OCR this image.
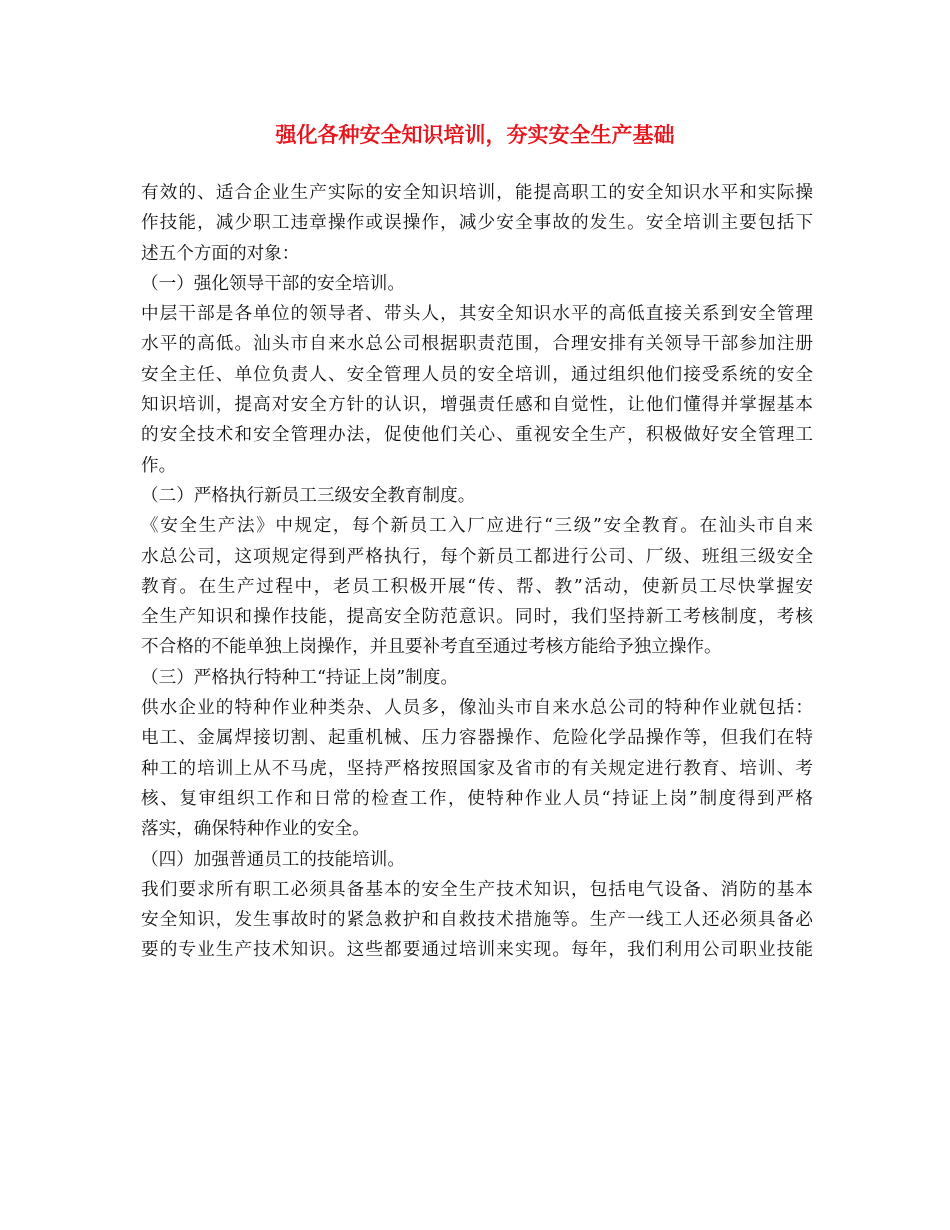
强化各种安全知识培训，夯实安全生产基础
有效的、适合企业生产实际的安全知识培训，能提高职工的安全知识水平和实际操
作技能，减少职工违章操作或误操作，减少安全事故的发生。安全培训主要包括下
述五个方面的对象：
（一）强化领导干部的安全培训。
中层干部是各单位的领导者、带头人，其安全知识水平的高低直接关系到安全管理
水平的高低。汕头市自来水总公司根据职责范围，合理安排有关领导干部参加注册
安全主任、单位负责人、安全管理人员的安全培训，通过组织他们接受系统的安全
知识培训，提高对安全方针的认识，增强责任感和自觉性，让他们懂得并掌握基本
的安全技术和安全管理办法，促使他们关心、重视安全生产，积极做好安全管理工
作。
（二）严格执行新员工三级安全教育制度。
《安全生产法》中规定，每个新员工入厂应进行“三级”安全教育。在汕头市自来
水总公司，这项规定得到严格执行，每个新员工都进行公司、厂级、班组三级安全
教育。在生产过程中，老员工积极开展“传、帮、教”活动，使新员工尽快掌握安
全生产知识和操作技能，提高安全防范意识。同时，我们坚持新工考核制度，考核
不合格的不能单独上岗操作，并且要补考直至通过考核方能给予独立操作。
（三）严格执行特种工“持证上岗”制度。
供水企业的特种作业种类杂、人员多，像汕头市自来水总公司的特种作业就包括：
电工、金属焊接切割、起重机械、压力容器操作、危险化学品操作等，但我们在特
种工的培训上从不马虎，坚持严格按照国家及省市的有关规定进行教育、培训、考
核、复审组织工作和日常的检查工作，使特种作业人员“持证上岗”制度得到严格
落实，确保特种作业的安全。
（四）加强普通员工的技能培训。
我们要求所有职工必须具备基本的安全生产技术知识，包括电气设备、消防的基本
安全知识，发生事故时的紧急救护和自救技术措施等。生产一线工人还必须具备必
要的专业生产技术知识。这些都要通过培训来实现。每年，我们利用公司职业技能
